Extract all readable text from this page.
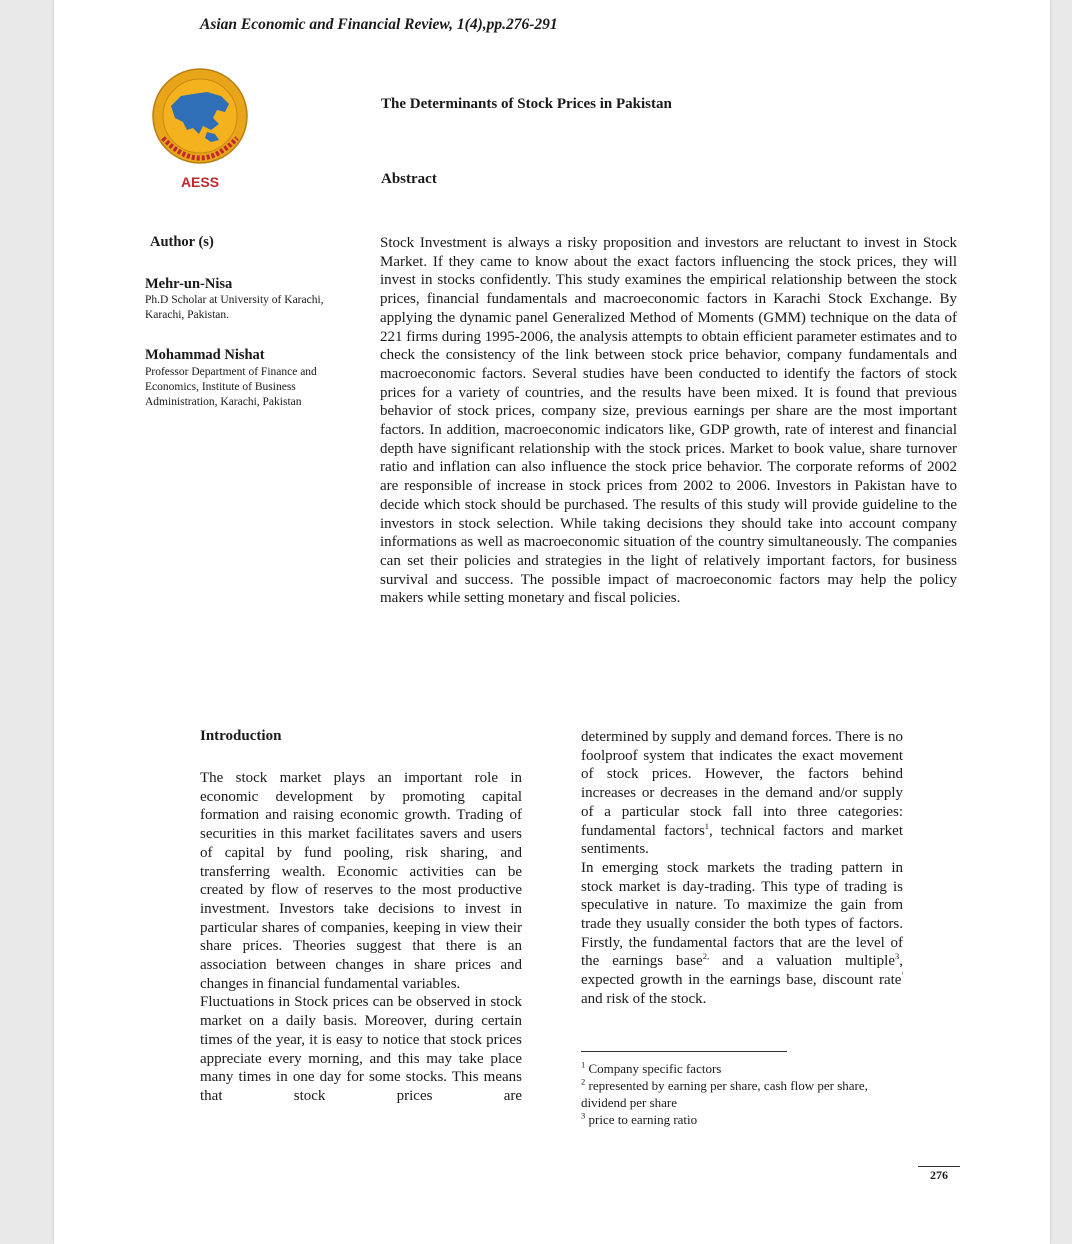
Asian Economic and Financial Review, 1(4),pp.276-291
AESS
The Determinants of Stock Prices in Pakistan
Abstract
Author (s)
Mehr-un-Nisa
Ph.D Scholar at University of Karachi, Karachi, Pakistan.
Mohammad Nishat
Professor Department of Finance and Economics, Institute of Business Administration, Karachi, Pakistan
Stock Investment is always a risky proposition and investors are reluctant to invest in Stock Market. If they came to know about the exact factors influencing the stock prices, they will invest in stocks confidently. This study examines the empirical relationship between the stock prices, financial fundamentals and macroeconomic factors in Karachi Stock Exchange. By applying the dynamic panel Generalized Method of Moments (GMM) technique on the data of 221 firms during 1995-2006, the analysis attempts to obtain efficient parameter estimates and to check the consistency of the link between stock price behavior, company fundamentals and macroeconomic factors. Several studies have been conducted to identify the factors of stock prices for a variety of countries, and the results have been mixed. It is found that previous behavior of stock prices, company size, previous earnings per share are the most important factors. In addition, macroeconomic indicators like, GDP growth, rate of interest and financial depth have significant relationship with the stock prices. Market to book value, share turnover ratio and inflation can also influence the stock price behavior. The corporate reforms of 2002 are responsible of increase in stock prices from 2002 to 2006. Investors in Pakistan have to decide which stock should be purchased. The results of this study will provide guideline to the investors in stock selection. While taking decisions they should take into account company informations as well as macroeconomic situation of the country simultaneously. The companies can set their policies and strategies in the light of relatively important factors, for business survival and success. The possible impact of macroeconomic factors may help the policy makers while setting monetary and fiscal policies.
Introduction

The stock market plays an important role in economic development by promoting capital formation and raising economic growth. Trading of securities in this market facilitates savers and users of capital by fund pooling, risk sharing, and transferring wealth. Economic activities can be created by flow of reserves to the most productive investment. Investors take decisions to invest in particular shares of companies, keeping in view their share prices. Theories suggest that there is an association between changes in share prices and changes in financial fundamental variables.

Fluctuations in Stock prices can be observed in stock market on a daily basis. Moreover, during certain times of the year, it is easy to notice that stock prices appreciate every morning, and this may take place many times in one day for some stocks. This means that stock prices are

determined by supply and demand forces. There is no foolproof system that indicates the exact movement of stock prices. However, the factors behind increases or decreases in the demand and/or supply of a particular stock fall into three categories: fundamental factors$^1$, technical factors and market sentiments.

In emerging stock markets the trading pattern in stock market is day-trading. This type of trading is speculative in nature. To maximize the gain from trade they usually consider the both types of factors. Firstly, the fundamental factors that are the level of the earnings base$^{2,}$ and a valuation multiple$^3$, expected growth in the earnings base, discount rate' and risk of the stock.

$^1$ Company specific factors
$^2$ represented by earning per share, cash flow per share, dividend per share
$^3$ price to earning ratio
276
